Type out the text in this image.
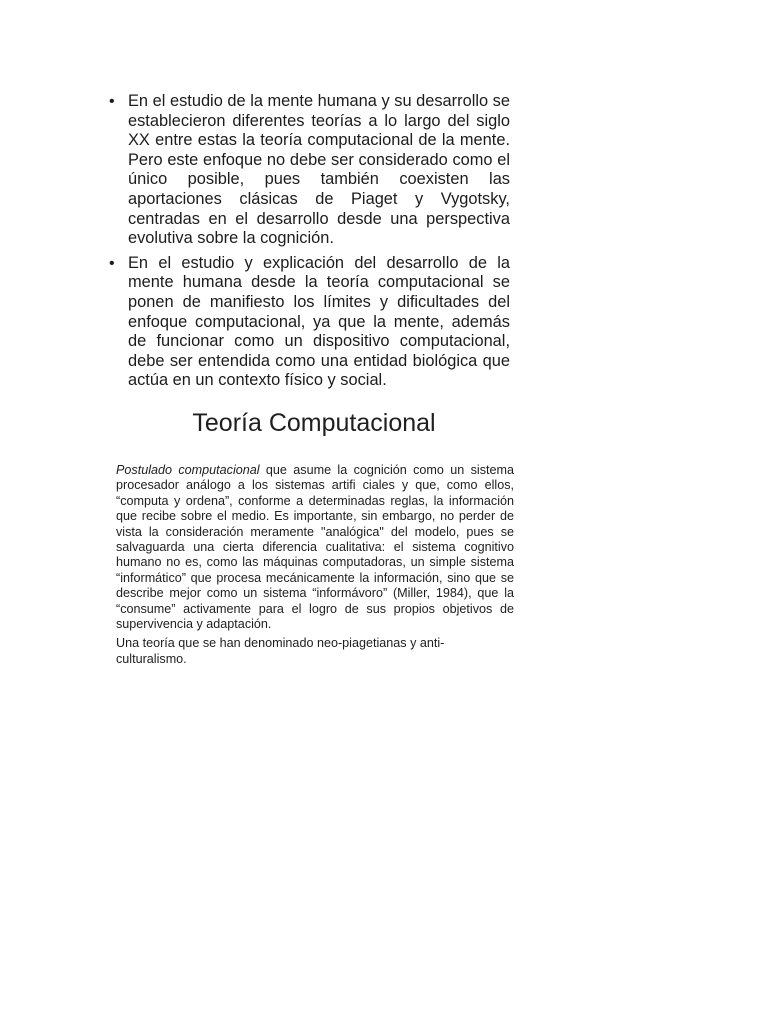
• En el estudio de la mente humana y su desarrollo se establecieron diferentes teorías a lo largo del siglo XX entre estas la teoría computacional de la mente. Pero este enfoque no debe ser considerado como el único posible, pues también coexisten las aportaciones clásicas de Piaget y Vygotsky, centradas en el desarrollo desde una perspectiva evolutiva sobre la cognición.
• En el estudio y explicación del desarrollo de la mente humana desde la teoría computacional se ponen de manifiesto los límites y dificultades del enfoque computacional, ya que la mente, además de funcionar como un dispositivo computacional, debe ser entendida como una entidad biológica que actúa en un contexto físico y social.
Teoría Computacional

Postulado computacional que asume la cognición como un sistema procesador análogo a los sistemas artifi ciales y que, como ellos, “computa y ordena”, conforme a determinadas reglas, la información que recibe sobre el medio. Es importante, sin embargo, no perder de vista la consideración meramente "analógica" del modelo, pues se salvaguarda una cierta diferencia cualitativa: el sistema cognitivo humano no es, como las máquinas computadoras, un simple sistema “informático” que procesa mecánicamente la información, sino que se describe mejor como un sistema “informávoro” (Miller, 1984), que la “consume” activamente para el logro de sus propios objetivos de supervivencia y adaptación.

Una teoría que se han denominado neo-piagetianas y anti-culturalismo.
